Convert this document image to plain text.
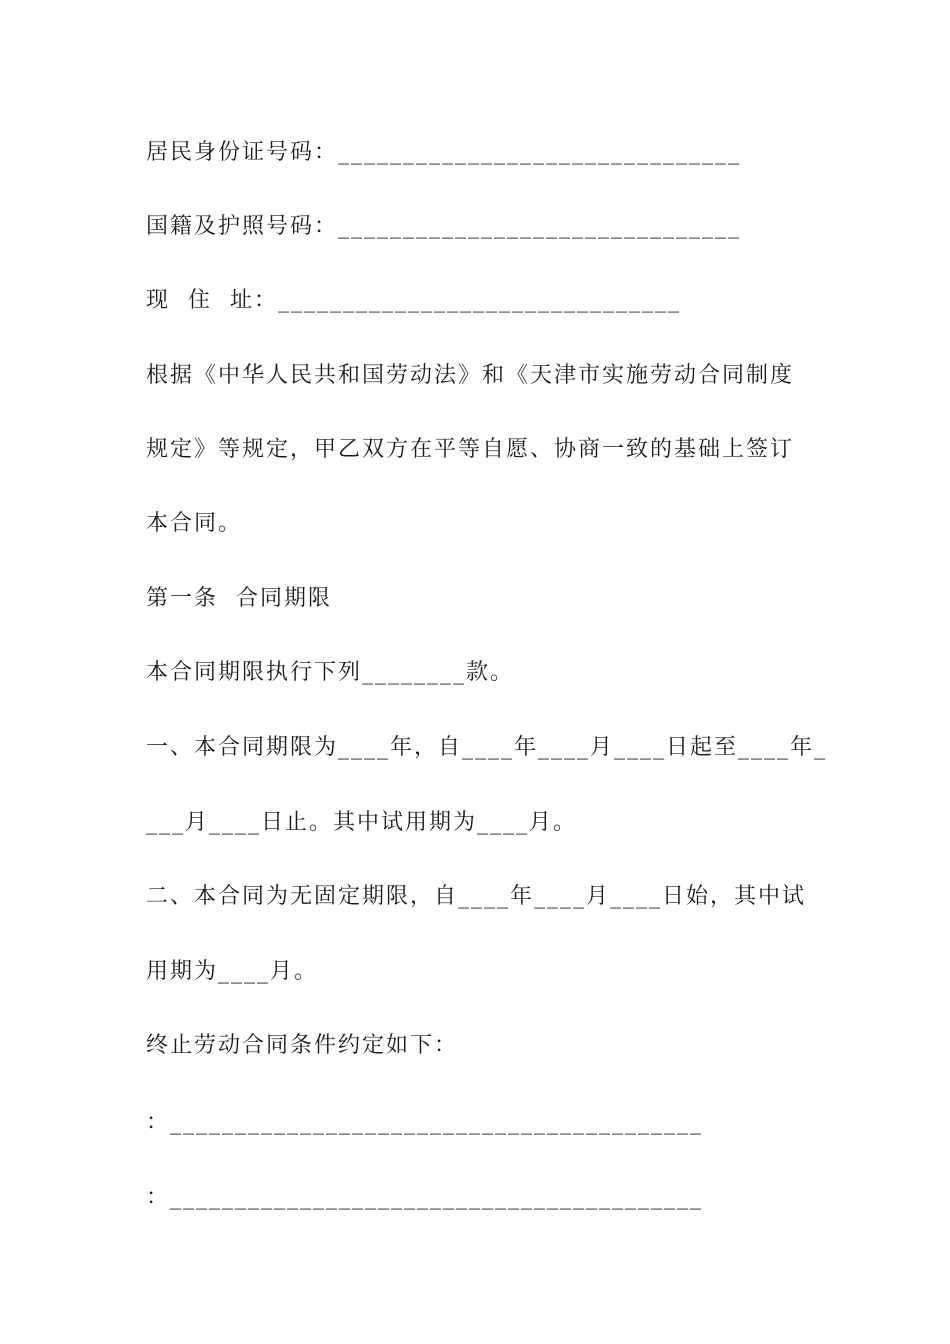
居民身份证号码：_______________________________
国籍及护照号码：_______________________________
现  住  址：_______________________________
根据《中华人民共和国劳动法》和《天津市实施劳动合同制度
规定》等规定，甲乙双方在平等自愿、协商一致的基础上签订
本合同。
第一条  合同期限
本合同期限执行下列________款。
一、本合同期限为____年，自____年____月____日起至____年_
___月____日止。其中试用期为____月。
二、本合同为无固定期限，自____年____月____日始，其中试
用期为____月。
终止劳动合同条件约定如下：
：_________________________________________
：_________________________________________
